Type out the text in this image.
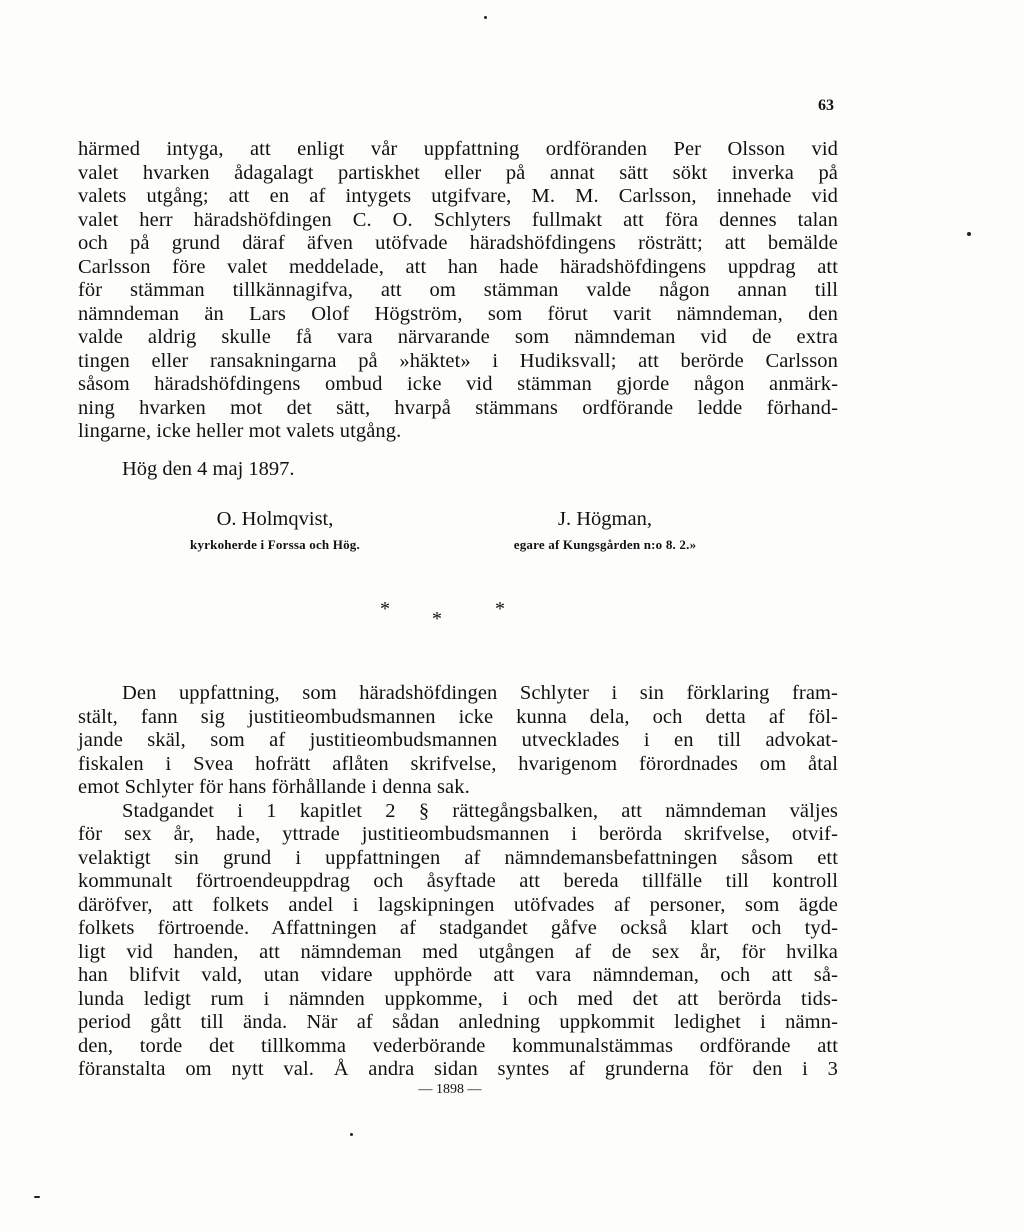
63
härmed intyga, att enligt vår uppfattning ordföranden Per Olsson vid
valet hvarken ådagalagt partiskhet eller på annat sätt sökt inverka på
valets utgång; att en af intygets utgifvare, M. M. Carlsson, innehade vid
valet herr häradshöfdingen C. O. Schlyters fullmakt att föra dennes talan
och på grund däraf äfven utöfvade häradshöfdingens rösträtt; att bemälde
Carlsson före valet meddelade, att han hade häradshöfdingens uppdrag att
för stämman tillkännagifva, att om stämman valde någon annan till
nämndeman än Lars Olof Högström, som förut varit nämndeman, den
valde aldrig skulle få vara närvarande som nämndeman vid de extra
tingen eller ransakningarna på »häktet» i Hudiksvall; att berörde Carlsson
såsom häradshöfdingens ombud icke vid stämman gjorde någon anmärk-
ning hvarken mot det sätt, hvarpå stämmans ordförande ledde förhand-
lingarne, icke heller mot valets utgång.
Hög den 4 maj 1897.
O. Holmqvist,
kyrkoherde i Forssa och Hög.
J. Högman,
egare af Kungsgården n:o 8. 2.»
* *	*
Den uppfattning, som häradshöfdingen Schlyter i sin förklaring fram-
stält, fann sig justitieombudsmannen icke kunna dela, och detta af föl-
jande skäl, som af justitieombudsmannen utvecklades i en till advokat-
fiskalen i Svea hofrätt aflåten skrifvelse, hvarigenom förordnades om åtal
emot Schlyter för hans förhållande i denna sak.
Stadgandet i 1 kapitlet 2 § rättegångsbalken, att nämndeman väljes
för sex år, hade, yttrade justitieombudsmannen i berörda skrifvelse, otvif-
velaktigt sin grund i uppfattningen af nämndemansbefattningen såsom ett
kommunalt förtroendeuppdrag och åsyftade att bereda tillfälle till kontroll
däröfver, att folkets andel i lagskipningen utöfvades af personer, som ägde
folkets förtroende. Affattningen af stadgandet gåfve också klart och tyd-
ligt vid handen, att nämndeman med utgången af de sex år, för hvilka
han blifvit vald, utan vidare upphörde att vara nämndeman, och att så-
lunda ledigt rum i nämnden uppkomme, i och med det att berörda tids-
period gått till ända. När af sådan anledning uppkommit ledighet i nämn-
den, torde det tillkomma vederbörande kommunalstämmas ordförande att
föranstalta om nytt val. Å andra sidan syntes af grunderna för den i 3
— 1898 —
